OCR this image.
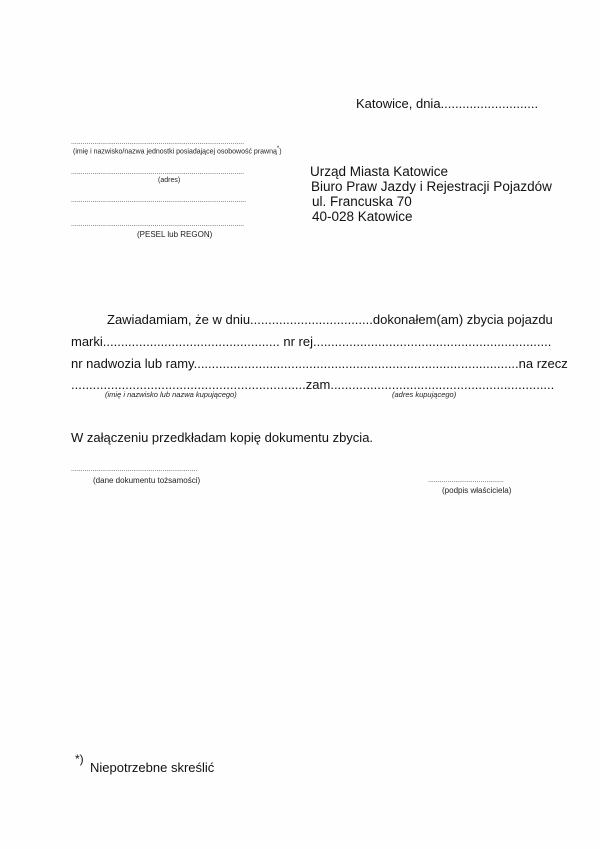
Katowice, dnia...........................
.........................................................................................
(imię i nazwisko/nazwa jednostki posiadającej osobowość prawną*)
.........................................................................................
(adres)
..........................................................................................
.........................................................................................
(PESEL lub REGON)
Urząd Miasta Katowice
Biuro Praw Jazdy i Rejestracji Pojazdów
ul. Francuska 70
40-028 Katowice
Zawiadamiam, że w dniu..................................dokonałem(am) zbycia pojazdu
marki................................................. nr rej..................................................................
nr nadwozia lub ramy..........................................................................................na rzecz
.................................................................zam..............................................................
(imię i nazwisko lub nazwa kupującego)	(adres kupującego)
W załączeniu przedkładam kopię dokumentu zbycia.
.................................................................
(dane dokumentu tożsamości)	.......................................
(podpis właściciela)
*)
Niepotrzebne skreślić
